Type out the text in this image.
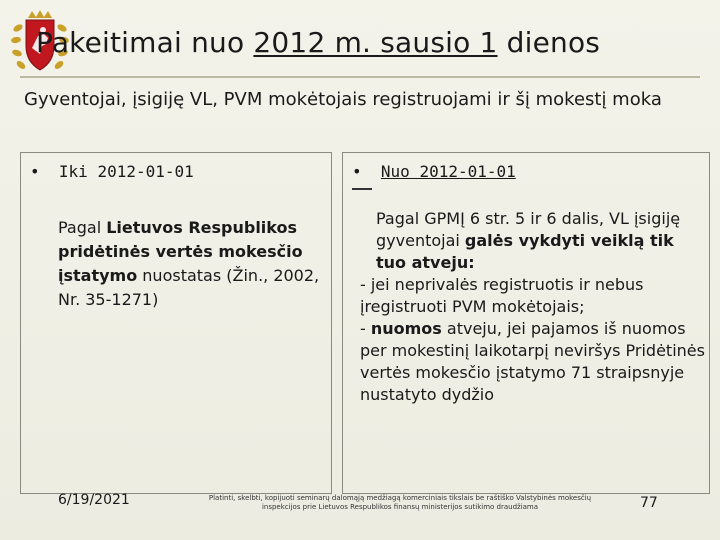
Pakeitimai nuo 2012 m. sausio 1 dienos
Gyventojai, įsigiję VL, PVM mokėtojais registruojami ir šį mokestį moka
• Iki 2012-01-01
Pagal Lietuvos Respublikos pridėtinės vertės mokesčio įstatymo nuostatas (Žin., 2002, Nr. 35-1271)
• Nuo 2012-01-01

Pagal GPMĮ 6 str. 5 ir 6 dalis, VL įsigiję gyventojai galės vykdyti veiklą tik tuo atveju:

- jei neprivalės registruotis ir nebus įregistruoti PVM mokėtojais;

- nuomos atveju, jei pajamos iš nuomos per mokestinį laikotarpį neviršys Pridėtinės vertės mokesčio įstatymo 71 straipsnyje nustatyto dydžio

6/19/2021	Platinti, skelbti, kopijuoti seminarų dalomąją medžiagą komerciniais tikslais be raštiško Valstybinės mokesčių inspekcijos prie Lietuvos Respublikos finansų ministerijos sutikimo draudžiama	77
